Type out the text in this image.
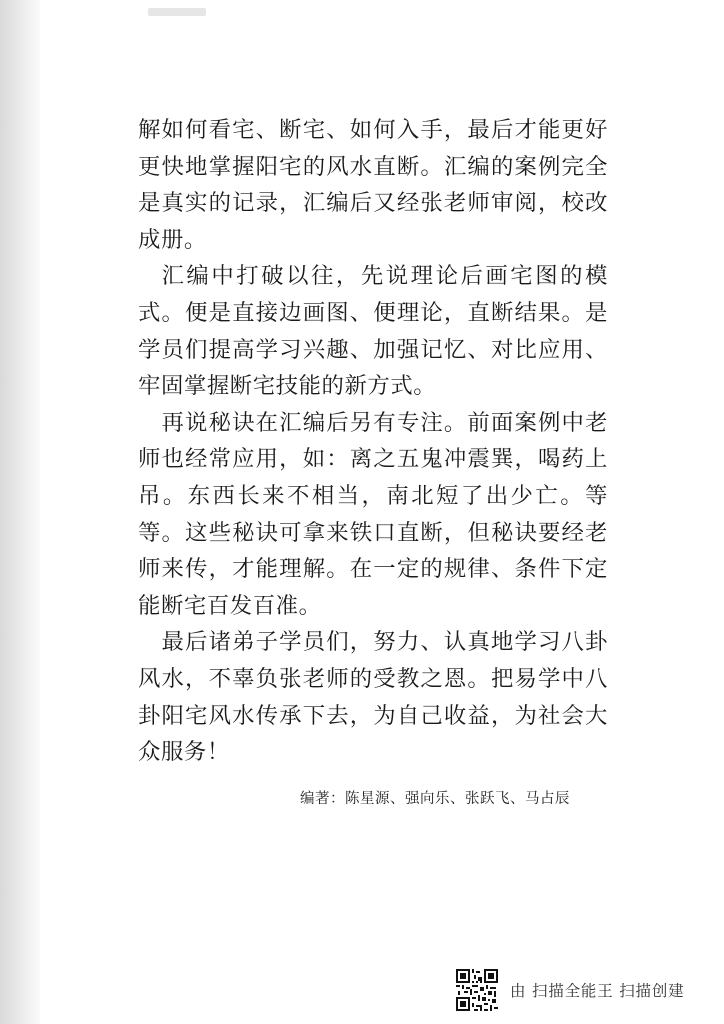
解如何看宅、断宅、如何入手，最后才能更好更快地掌握阳宅的风水直断。汇编的案例完全是真实的记录，汇编后又经张老师审阅，校改成册。

汇编中打破以往，先说理论后画宅图的模式。便是直接边画图、便理论，直断结果。是学员们提高学习兴趣、加强记忆、对比应用、牢固掌握断宅技能的新方式。

再说秘诀在汇编后另有专注。前面案例中老师也经常应用，如：离之五鬼冲震巽，喝药上吊。东西长来不相当，南北短了出少亡。等等。这些秘诀可拿来铁口直断，但秘诀要经老师来传，才能理解。在一定的规律、条件下定能断宅百发百准。

最后诸弟子学员们，努力、认真地学习八卦风水，不辜负张老师的受教之恩。把易学中八卦阳宅风水传承下去，为自己收益，为社会大众服务！

编著：陈星源、强向乐、张跃飞、马占辰
由 扫描全能王 扫描创建
